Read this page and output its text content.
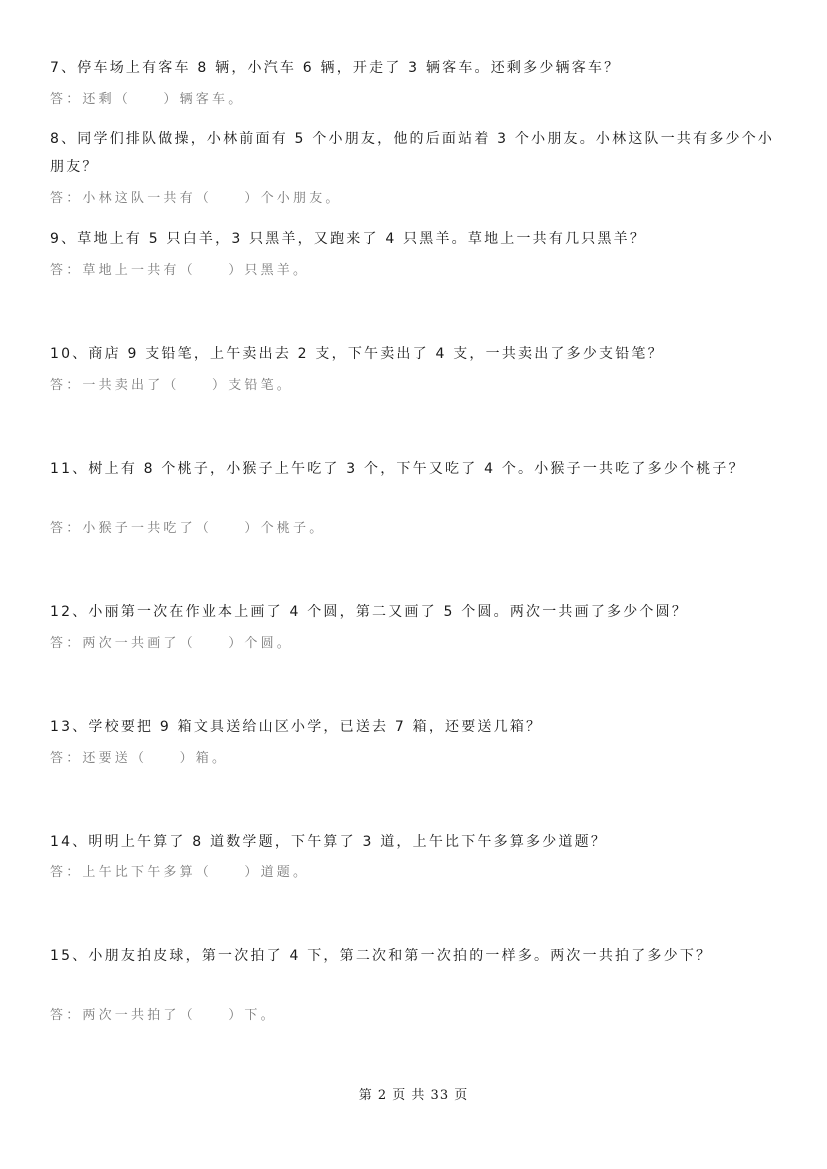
7、停车场上有客车 8 辆，小汽车 6 辆，开走了 3 辆客车。还剩多少辆客车？

答：还剩（　　）辆客车。

8、同学们排队做操，小林前面有 5 个小朋友，他的后面站着 3 个小朋友。小林这队一共有多少个小朋友？

答：小林这队一共有（　　）个小朋友。

9、草地上有 5 只白羊，3 只黑羊，又跑来了 4 只黑羊。草地上一共有几只黑羊？

答：草地上一共有（　　）只黑羊。

10、商店 9 支铅笔，上午卖出去 2 支，下午卖出了 4 支，一共卖出了多少支铅笔？

答：一共卖出了（　　）支铅笔。

11、树上有 8 个桃子，小猴子上午吃了 3 个，下午又吃了 4 个。小猴子一共吃了多少个桃子？

答：小猴子一共吃了（　　）个桃子。

12、小丽第一次在作业本上画了 4 个圆，第二又画了 5 个圆。两次一共画了多少个圆？

答：两次一共画了（　　）个圆。

13、学校要把 9 箱文具送给山区小学，已送去 7 箱，还要送几箱？

答：还要送（　　）箱。

14、明明上午算了 8 道数学题，下午算了 3 道，上午比下午多算多少道题？

答：上午比下午多算（　　）道题。

15、小朋友拍皮球，第一次拍了 4 下，第二次和第一次拍的一样多。两次一共拍了多少下？

答：两次一共拍了（　　）下。

第 2 页 共 33 页
